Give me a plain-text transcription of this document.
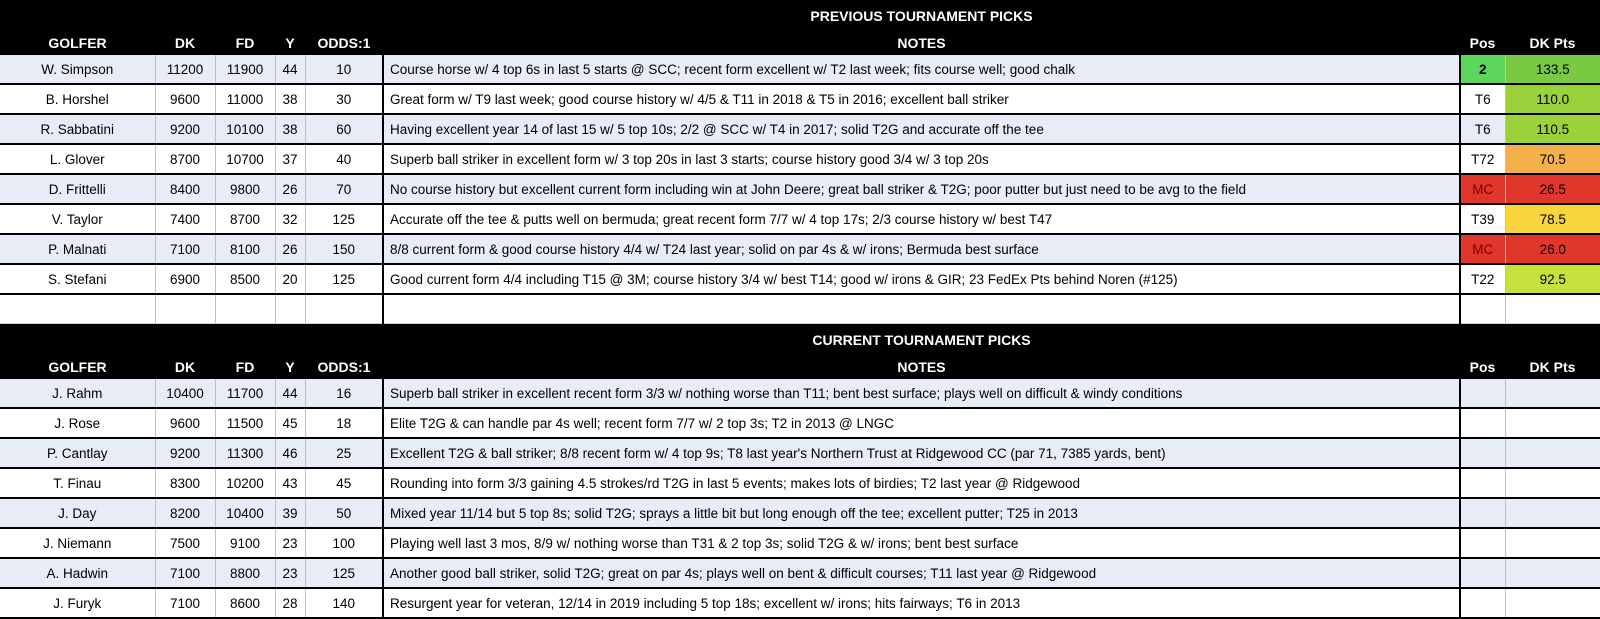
					PREVIOUS TOURNAMENT PICKS		
GOLFER	DK	FD	Y	ODDS:1	NOTES	Pos	DK Pts
W. Simpson	11200	11900	44	10	Course horse w/ 4 top 6s in last 5 starts @ SCC; recent form excellent w/ T2 last week; fits course well; good chalk	2	133.5
B. Horshel	9600	11000	38	30	Great form w/ T9 last week; good course history w/ 4/5 & T11 in 2018 & T5 in 2016; excellent ball striker	T6	110.0
R. Sabbatini	9200	10100	38	60	Having excellent year 14 of last 15 w/ 5 top 10s; 2/2 @ SCC w/ T4 in 2017; solid T2G and accurate off the tee	T6	110.5
L. Glover	8700	10700	37	40	Superb ball striker in excellent form w/ 3 top 20s in last 3 starts; course history good 3/4 w/ 3 top 20s	T72	70.5
D. Frittelli	8400	9800	26	70	No course history but excellent current form including win at John Deere; great ball striker & T2G; poor putter but just need to be avg to the field	MC	26.5
V. Taylor	7400	8700	32	125	Accurate off the tee & putts well on bermuda; great recent form 7/7 w/ 4 top 17s; 2/3 course history w/ best T47	T39	78.5
P. Malnati	7100	8100	26	150	8/8 current form & good course history 4/4 w/ T24 last year; solid on par 4s & w/ irons; Bermuda best surface	MC	26.0
S. Stefani	6900	8500	20	125	Good current form 4/4 including T15 @ 3M; course history 3/4 w/ best T14; good w/ irons & GIR; 23 FedEx Pts behind Noren (#125)	T22	92.5

					CURRENT TOURNAMENT PICKS		
GOLFER	DK	FD	Y	ODDS:1	NOTES	Pos	DK Pts
J. Rahm	10400	11700	44	16	Superb ball striker in excellent recent form 3/3 w/ nothing worse than T11; bent best surface; plays well on difficult & windy conditions		
J. Rose	9600	11500	45	18	Elite T2G & can handle par 4s well; recent form 7/7 w/ 2 top 3s; T2 in 2013 @ LNGC		
P. Cantlay	9200	11300	46	25	Excellent T2G & ball striker; 8/8 recent form w/ 4 top 9s; T8 last year's Northern Trust at Ridgewood CC (par 71, 7385 yards, bent)		
T. Finau	8300	10200	43	45	Rounding into form 3/3 gaining 4.5 strokes/rd T2G in last 5 events; makes lots of birdies; T2 last year @ Ridgewood		
J. Day	8200	10400	39	50	Mixed year 11/14 but 5 top 8s; solid T2G; sprays a little bit but long enough off the tee; excellent putter; T25 in 2013		
J. Niemann	7500	9100	23	100	Playing well last 3 mos, 8/9 w/ nothing worse than T31 & 2 top 3s; solid T2G & w/ irons; bent best surface		
A. Hadwin	7100	8800	23	125	Another good ball striker, solid T2G; great on par 4s; plays well on bent & difficult courses; T11 last year @ Ridgewood		
J. Furyk	7100	8600	28	140	Resurgent year for veteran, 12/14 in 2019 including 5 top 18s; excellent w/ irons; hits fairways; T6 in 2013		
